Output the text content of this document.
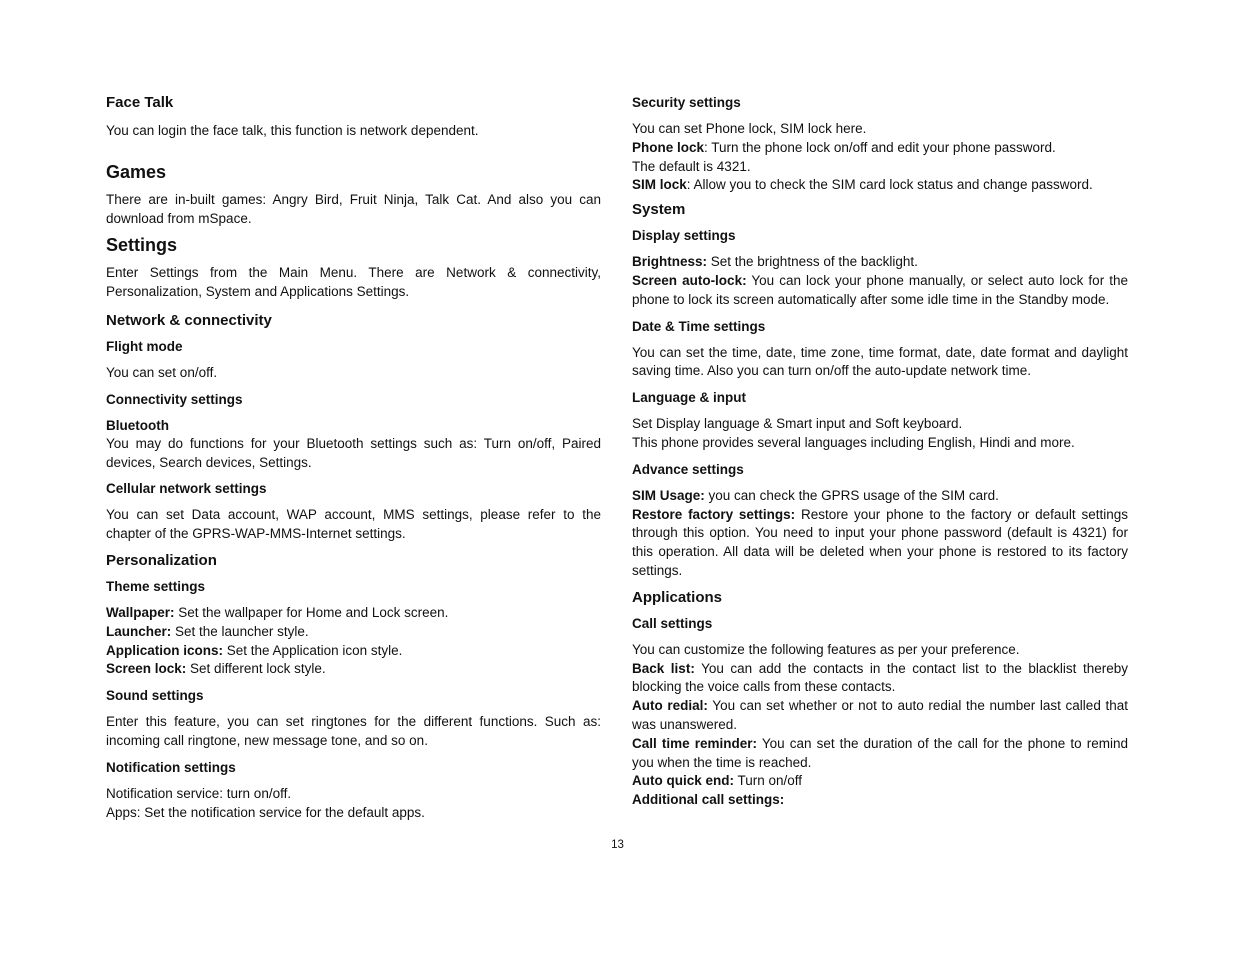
Face Talk
You can login the face talk, this function is network dependent.
Games
There are in-built games: Angry Bird, Fruit Ninja, Talk Cat. And also you can download from mSpace.
Settings
Enter Settings from the Main Menu. There are Network & connectivity, Personalization, System and Applications Settings.
Network & connectivity
Flight mode
You can set on/off.
Connectivity settings
Bluetooth
You may do functions for your Bluetooth settings such as: Turn on/off, Paired devices, Search devices, Settings.
Cellular network settings
You can set Data account, WAP account, MMS settings, please refer to the chapter of the GPRS-WAP-MMS-Internet settings.
Personalization
Theme settings
Wallpaper: Set the wallpaper for Home and Lock screen.
Launcher: Set the launcher style.
Application icons: Set the Application icon style.
Screen lock: Set different lock style.
Sound settings
Enter this feature, you can set ringtones for the different functions. Such as: incoming call ringtone, new message tone, and so on.
Notification settings
Notification service: turn on/off.
Apps: Set the notification service for the default apps.
Security settings
You can set Phone lock, SIM lock here.
Phone lock: Turn the phone lock on/off and edit your phone password.
The default is 4321.
SIM lock: Allow you to check the SIM card lock status and change password.
System
Display settings
Brightness: Set the brightness of the backlight.
Screen auto-lock: You can lock your phone manually, or select auto lock for the phone to lock its screen automatically after some idle time in the Standby mode.
Date & Time settings
You can set the time, date, time zone, time format, date, date format and daylight saving time. Also you can turn on/off the auto-update network time.
Language & input
Set Display language & Smart input and Soft keyboard.
This phone provides several languages including English, Hindi and more.
Advance settings
SIM Usage: you can check the GPRS usage of the SIM card.
Restore factory settings: Restore your phone to the factory or default settings through this option. You need to input your phone password (default is 4321) for this operation. All data will be deleted when your phone is restored to its factory settings.
Applications
Call settings
You can customize the following features as per your preference.
Back list: You can add the contacts in the contact list to the blacklist thereby blocking the voice calls from these contacts.
Auto redial: You can set whether or not to auto redial the number last called that was unanswered.
Call time reminder: You can set the duration of the call for the phone to remind you when the time is reached.
Auto quick end: Turn on/off
Additional call settings:
13
